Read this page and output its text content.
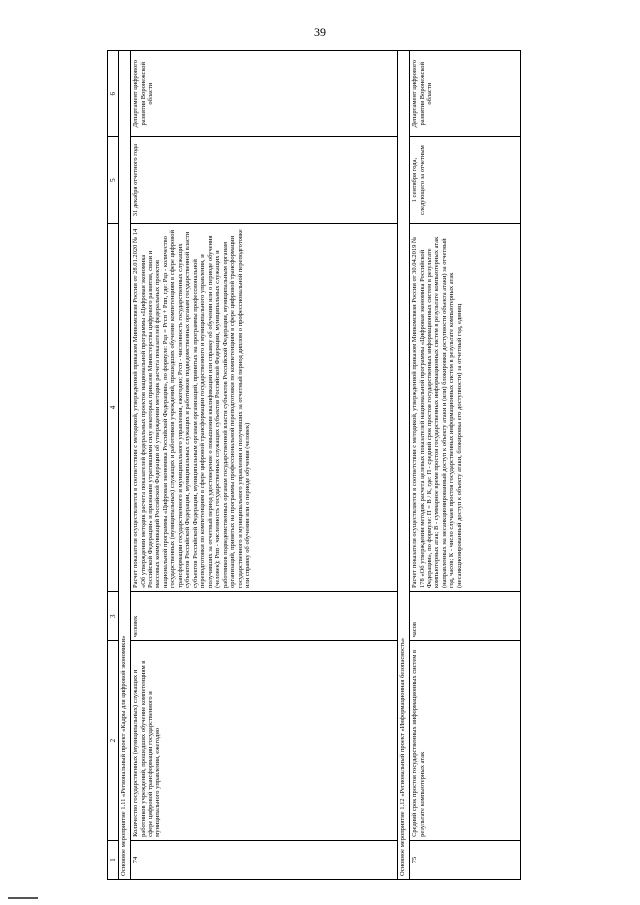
39
1	2	3	4	5	6
Основное мероприятие 1.11 «Региональный проект «Кадры для цифровой экономики»					
74	Количество государственных (муниципальных) служащих и работников учреждений, прошедших обучение компетенциям в сфере цифровой трансформации государственного и муниципального управления, ежегодно	человек	Расчет показателя осуществляется в соответствии с методикой, утвержденной приказом Минкомсвязи России от 28.01.2020 № 14 «Об утверждении методик расчета показателей федеральных проектов национальной программы «Цифровая экономика Российской Федерации» и признании утратившими силу некоторых приказов Министерства цифрового развития, связи и массовых коммуникаций Российской Федерации об утверждении методик расчета показателей федеральных проектов национальной программы «Цифровая экономика Российской Федерации», по формуле: Рцз = Ргсп + Рпп, где: Рцз - количество государственных (муниципальных) служащих и работников учреждений, прошедших обучение компетенциям в сфере цифровой трансформации государственного и муниципального управления, ежегодно; Ргсп - численность государственных служащих субъектов Российской Федерации, муниципальных служащих и работников подведомственных органам государственной власти субъектов Российской Федерации, муниципальным органам организаций, принятых на программы профессиональной переподготовки по компетенциям в сфере цифровой трансформации государственного и муниципального управления, и получивших за отчетный период удостоверение о повышении квалификации или справку об обучении или о периоде обучения (человек); Рпп - численность государственных служащих субъектов Российской Федерации, муниципальных служащих и работников подведомственных органам государственной власти субъектов Российской Федерации, муниципальным органам организаций, принятых на программы профессиональной переподготовки по компетенциям в сфере цифровой трансформации государственного и муниципального управления и получивших за отчетный период диплом о профессиональной переподготовке или справку об обучении или о периоде обучения (человек)	31 декабря отчетного года	Департамент цифрового развития Воронежской области
Основное мероприятие 1.12 «Региональный проект «Информационная безопасность»					
75	Средний срок простоя государственных информационных систем в результате компьютерных атак	часов	Расчет показателя осуществляется в соответствии с методикой, утвержденной приказом Минкомсвязи России от 30.04.2019 № 178 «Об утверждении методик расчета целевых показателей национальной программы «Цифровая экономика Российской Федерации», по формуле: П = В / К, где: П - средний срок простоя государственных информационных систем в результате компьютерных атак; В - суммарное время простоя государственных информационных систем в результате компьютерных атак (направленных на несанкционированный доступ к объекту атаки и (или) блокировки доступности объекта атаки) за отчетный год, часов; К - число случаев простоя государственных информационных систем в результате компьютерных атак (несанкционированный доступ к объекту атаки, блокировка его доступности) за отчетный год, единиц	1 сентября года, следующего за отчетным	Департамент цифрового развития Воронежской области
